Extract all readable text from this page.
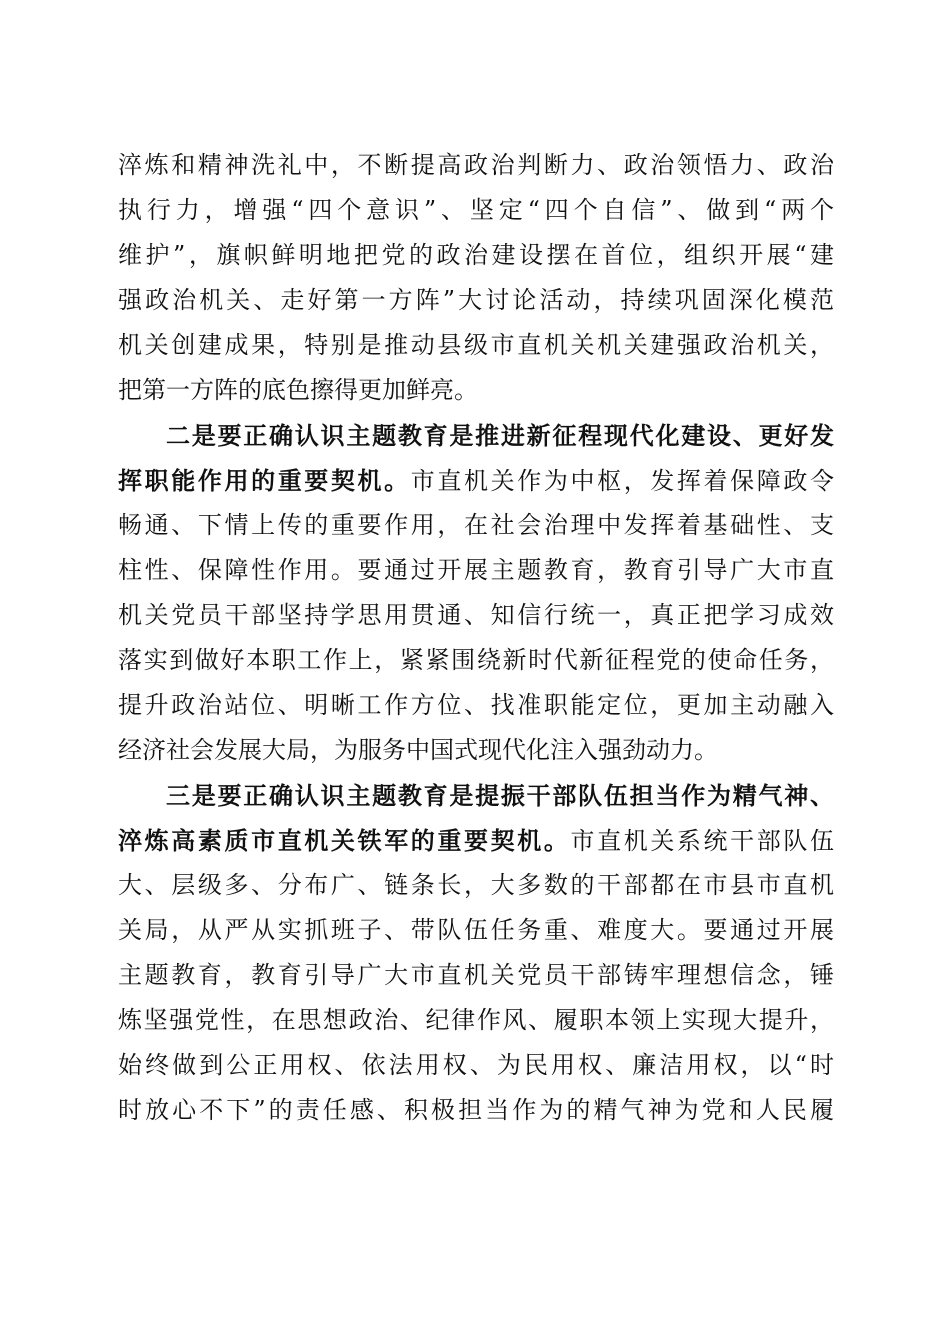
淬炼和精神洗礼中，不断提高政治判断力、政治领悟力、政治
执行力，增强“四个意识”、坚定“四个自信”、做到“两个
维护”，旗帜鲜明地把党的政治建设摆在首位，组织开展“建
强政治机关、走好第一方阵”大讨论活动，持续巩固深化模范
机关创建成果，特别是推动县级市直机关机关建强政治机关，
把第一方阵的底色擦得更加鲜亮。
二是要正确认识主题教育是推进新征程现代化建设、更好发
挥职能作用的重要契机。市直机关作为中枢，发挥着保障政令
畅通、下情上传的重要作用，在社会治理中发挥着基础性、支
柱性、保障性作用。要通过开展主题教育，教育引导广大市直
机关党员干部坚持学思用贯通、知信行统一，真正把学习成效
落实到做好本职工作上，紧紧围绕新时代新征程党的使命任务，
提升政治站位、明晰工作方位、找准职能定位，更加主动融入
经济社会发展大局，为服务中国式现代化注入强劲动力。
三是要正确认识主题教育是提振干部队伍担当作为精气神、
淬炼高素质市直机关铁军的重要契机。市直机关系统干部队伍
大、层级多、分布广、链条长，大多数的干部都在市县市直机
关局，从严从实抓班子、带队伍任务重、难度大。要通过开展
主题教育，教育引导广大市直机关党员干部铸牢理想信念，锤
炼坚强党性，在思想政治、纪律作风、履职本领上实现大提升，
始终做到公正用权、依法用权、为民用权、廉洁用权，以“时
时放心不下”的责任感、积极担当作为的精气神为党和人民履
